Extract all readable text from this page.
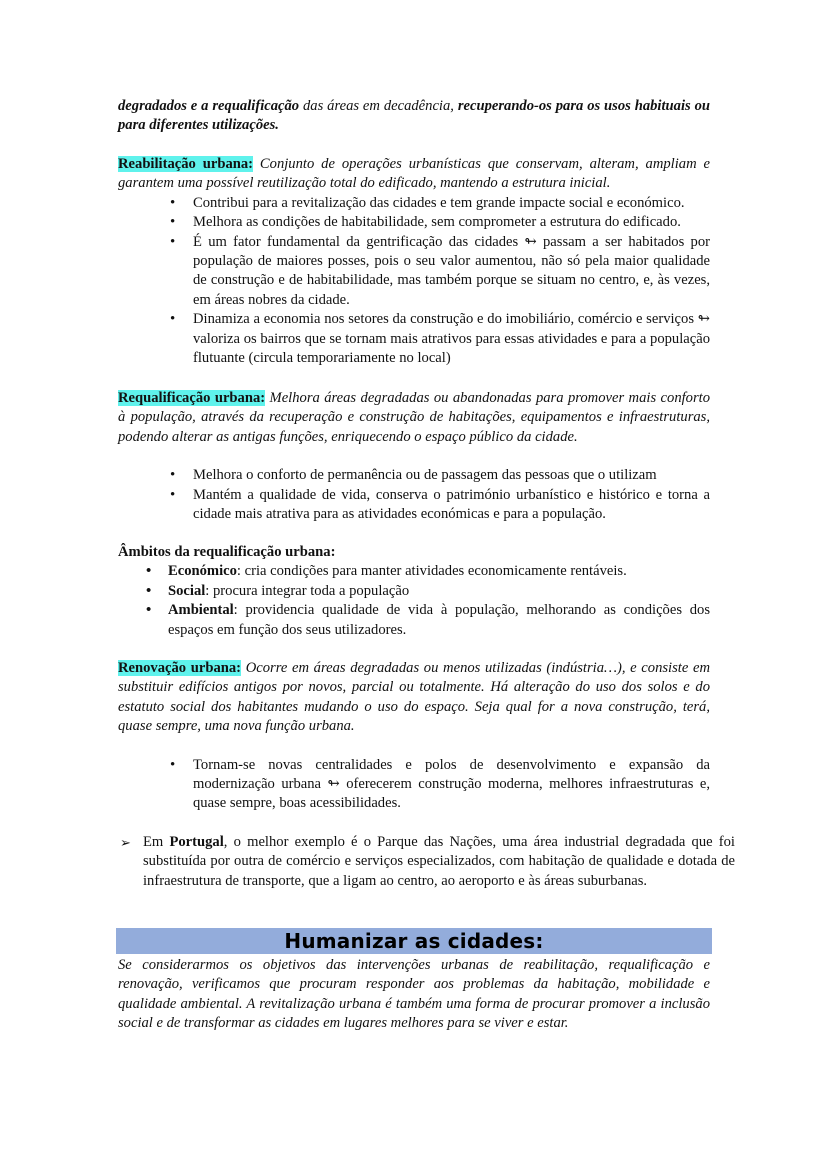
degradados e a requalificação das áreas em decadência, recuperando-os para os usos habituais ou para diferentes utilizações.

Reabilitação urbana: Conjunto de operações urbanísticas que conservam, alteram, ampliam e garantem uma possível reutilização total do edificado, mantendo a estrutura inicial.

• Contribui para a revitalização das cidades e tem grande impacte social e económico.
• Melhora as condições de habitabilidade, sem comprometer a estrutura do edificado.
• É um fator fundamental da gentrificação das cidades ↬ passam a ser habitados por população de maiores posses, pois o seu valor aumentou, não só pela maior qualidade de construção e de habitabilidade, mas também porque se situam no centro, e, às vezes, em áreas nobres da cidade.
• Dinamiza a economia nos setores da construção e do imobiliário, comércio e serviços ↬ valoriza os bairros que se tornam mais atrativos para essas atividades e para a população flutuante (circula temporariamente no local)

Requalificação urbana: Melhora áreas degradadas ou abandonadas para promover mais conforto à população, através da recuperação e construção de habitações, equipamentos e infraestruturas, podendo alterar as antigas funções, enriquecendo o espaço público da cidade.

• Melhora o conforto de permanência ou de passagem das pessoas que o utilizam
• Mantém a qualidade de vida, conserva o património urbanístico e histórico e torna a cidade mais atrativa para as atividades económicas e para a população.

Âmbitos da requalificação urbana:

• Económico: cria condições para manter atividades economicamente rentáveis.
• Social: procura integrar toda a população
• Ambiental: providencia qualidade de vida à população, melhorando as condições dos espaços em função dos seus utilizadores.

Renovação urbana: Ocorre em áreas degradadas ou menos utilizadas (indústria…), e consiste em substituir edifícios antigos por novos, parcial ou totalmente. Há alteração do uso dos solos e do estatuto social dos habitantes mudando o uso do espaço. Seja qual for a nova construção, terá, quase sempre, uma nova função urbana.

• Tornam-se novas centralidades e polos de desenvolvimento e expansão da modernização urbana ↬ oferecerem construção moderna, melhores infraestruturas e, quase sempre, boas acessibilidades.
➢ Em Portugal, o melhor exemplo é o Parque das Nações, uma área industrial degradada que foi substituída por outra de comércio e serviços especializados, com habitação de qualidade e dotada de infraestrutura de transporte, que a ligam ao centro, ao aeroporto e às áreas suburbanas.
Humanizar as cidades:

Se considerarmos os objetivos das intervenções urbanas de reabilitação, requalificação e renovação, verificamos que procuram responder aos problemas da habitação, mobilidade e qualidade ambiental. A revitalização urbana é também uma forma de procurar promover a inclusão social e de transformar as cidades em lugares melhores para se viver e estar.
